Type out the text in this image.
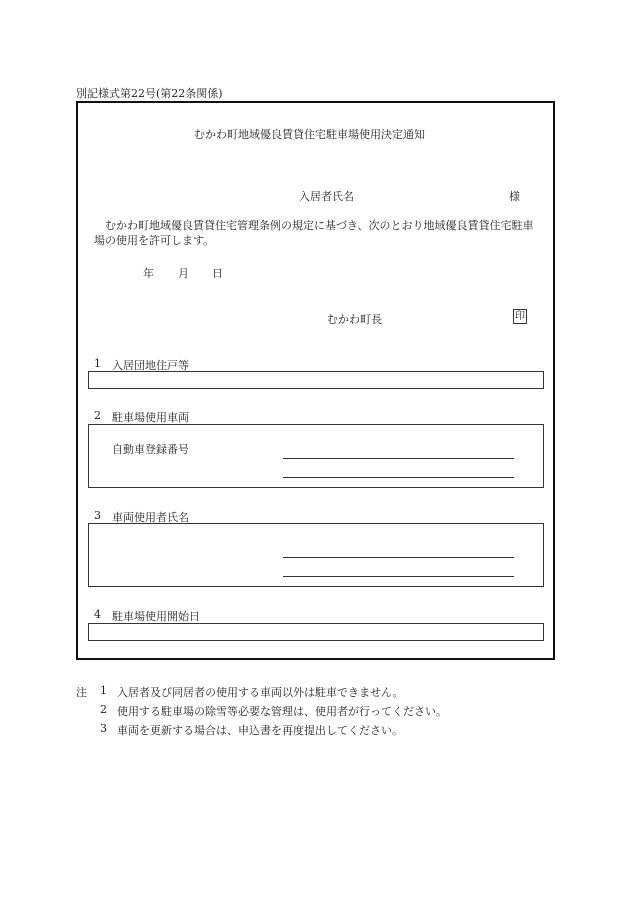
別記様式第22号(第22条関係)
むかわ町地域優良賃貸住宅駐車場使用決定通知
入居者氏名	様
むかわ町地域優良賃貸住宅管理条例の規定に基づき、次のとおり地域優良賃貸住宅駐車場の使用を許可します。
年 月 日
むかわ町長	印
1 入居団地住戸等
2 駐車場使用車両
自動車登録番号
3 車両使用者氏名
4 駐車場使用開始日
注 1 入居者及び同居者の使用する車両以外は駐車できません。
2 使用する駐車場の除雪等必要な管理は、使用者が行ってください。
3 車両を更新する場合は、申込書を再度提出してください。
